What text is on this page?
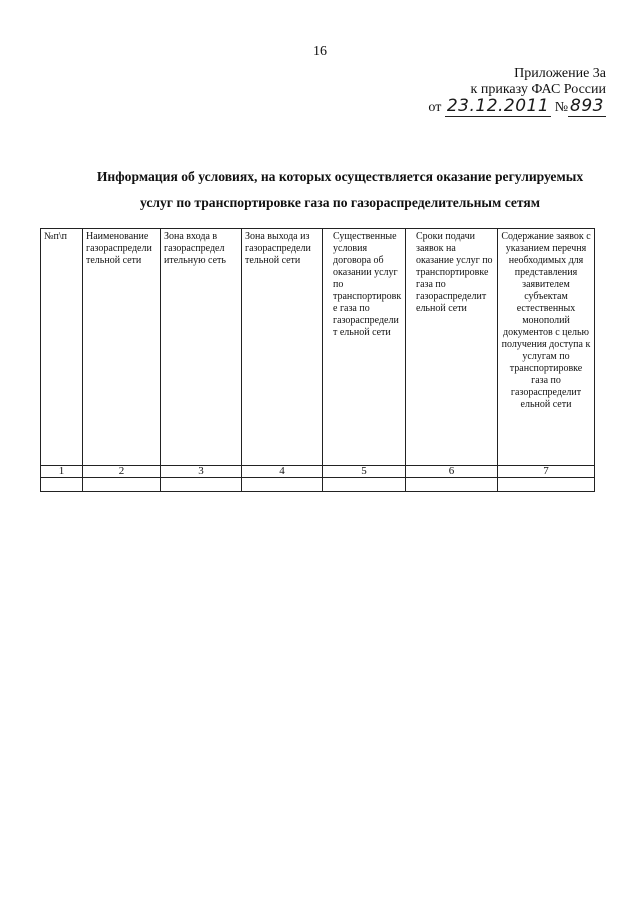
16
Приложение 3а
к приказу ФАС России
от 23.12.2011 № 893
Информация об условиях, на которых осуществляется оказание регулируемых
услуг по транспортировке газа по газораспределительным сетям
№п\п	Наименование газораспредели тельной сети	Зона входа в газораспредел ительную сеть	Зона выхода из газораспредели тельной сети	Существенные условия договора об оказании услуг по транспортировке газа по газораспределит ельной сети	Сроки подачи заявок на оказание услуг по транспортировке газа по газораспределит ельной сети	Содержание заявок с указанием перечня необходимых для представления заявителем субъектам естественных монополий документов с целью получения доступа к услугам по транспортировке газа по газораспределит ельной сети
1	2	3	4	5	6	7
